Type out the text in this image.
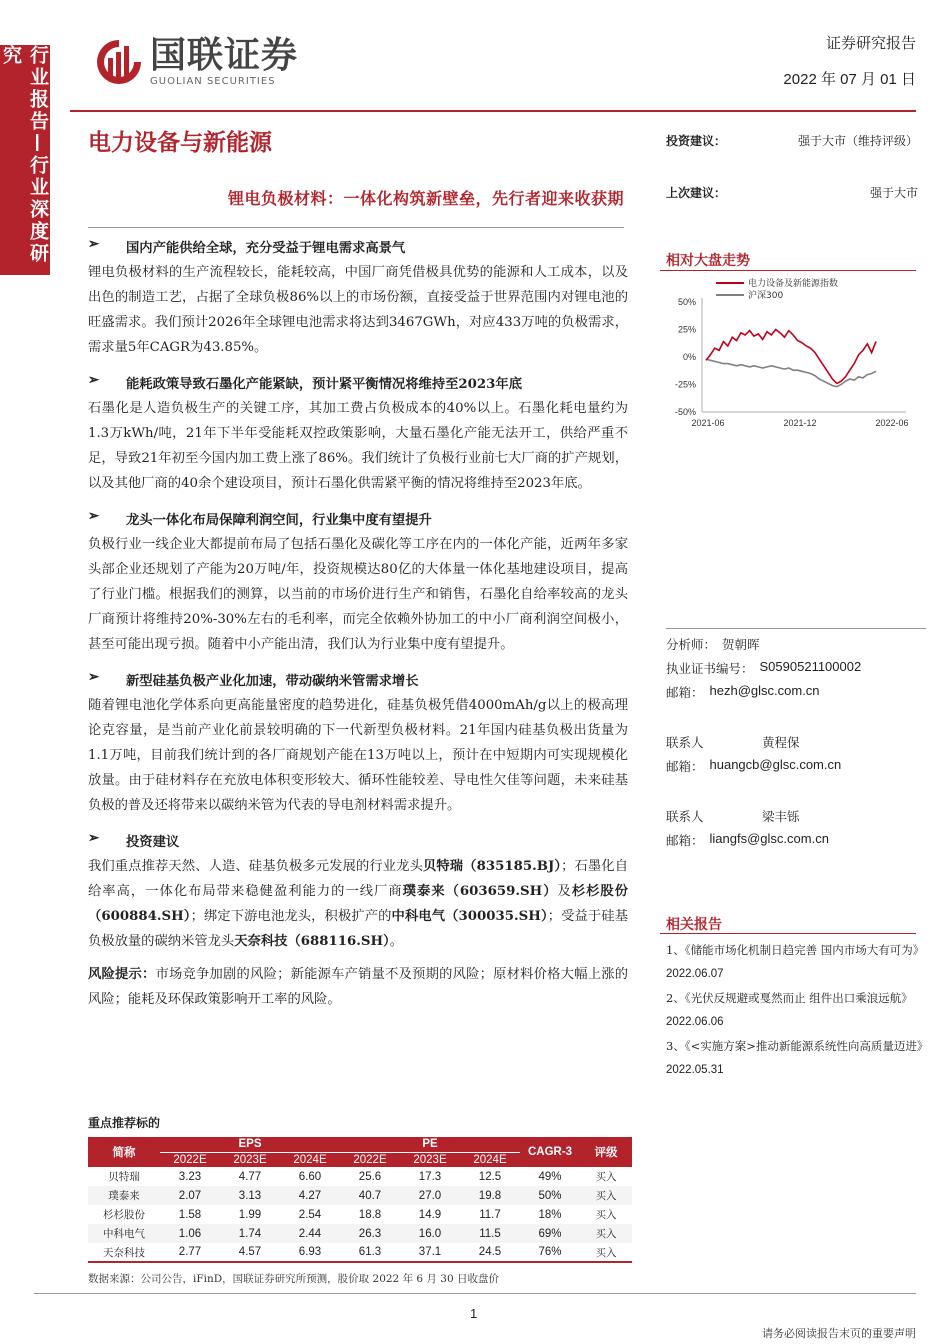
行业报告—行业深度研究	国联证券
GUOLIAN SECURITIES
证券研究报告
2022 年 07 月 01 日
电力设备与新能源
锂电负极材料：一体化构筑新壁垒，先行者迎来收获期
投资建议：	强于大市（维持评级）
上次建议：	强于大市
➢ 国内产能供给全球，充分受益于锂电需求高景气

锂电负极材料的生产流程较长，能耗较高，中国厂商凭借极具优势的能源和人工成本，以及出色的制造工艺，占据了全球负极86%以上的市场份额，直接受益于世界范围内对锂电池的旺盛需求。我们预计2026年全球锂电池需求将达到3467GWh，对应433万吨的负极需求，需求量5年CAGR为43.85%。

➢ 能耗政策导致石墨化产能紧缺，预计紧平衡情况将维持至2023年底

石墨化是人造负极生产的关键工序，其加工费占负极成本的40%以上。石墨化耗电量约为1.3万kWh/吨，21年下半年受能耗双控政策影响，大量石墨化产能无法开工，供给严重不足，导致21年初至今国内加工费上涨了86%。我们统计了负极行业前七大厂商的扩产规划，以及其他厂商的40余个建设项目，预计石墨化供需紧平衡的情况将维持至2023年底。

➢ 龙头一体化布局保障利润空间，行业集中度有望提升

负极行业一线企业大都提前布局了包括石墨化及碳化等工序在内的一体化产能，近两年多家头部企业还规划了产能为20万吨/年，投资规模达80亿的大体量一体化基地建设项目，提高了行业门槛。根据我们的测算，以当前的市场价进行生产和销售，石墨化自给率较高的龙头厂商预计将维持20%-30%左右的毛利率，而完全依赖外协加工的中小厂商利润空间极小，甚至可能出现亏损。随着中小产能出清，我们认为行业集中度有望提升。

➢ 新型硅基负极产业化加速，带动碳纳米管需求增长

随着锂电池化学体系向更高能量密度的趋势进化，硅基负极凭借4000mAh/g以上的极高理论克容量，是当前产业化前景较明确的下一代新型负极材料。21年国内硅基负极出货量为1.1万吨，目前我们统计到的各厂商规划产能在13万吨以上，预计在中短期内可实现规模化放量。由于硅材料存在充放电体积变形较大、循环性能较差、导电性欠佳等问题，未来硅基负极的普及还将带来以碳纳米管为代表的导电剂材料需求提升。

➢ 投资建议

我们重点推荐天然、人造、硅基负极多元发展的行业龙头贝特瑞（835185.BJ）；石墨化自给率高，一体化布局带来稳健盈利能力的一线厂商璞泰来（603659.SH）及杉杉股份（600884.SH）；绑定下游电池龙头，积极扩产的中科电气（300035.SH）；受益于硅基负极放量的碳纳米管龙头天奈科技（688116.SH）。

风险提示：市场竞争加剧的风险；新能源车产销量不及预期的风险；原材料价格大幅上涨的风险；能耗及环保政策影响开工率的风险。

相对大盘走势
50%
25%
0%
-25%
-50%
2021-06	2021-12	2022-06
电力设备及新能源指数
沪深300
分析师： 贺朝晖
执业证书编号： S0590521100002
邮箱： hezh@glsc.com.cn
联系人	黄程保
邮箱： huangcb@glsc.com.cn
联系人	梁丰铄
邮箱： liangfs@glsc.com.cn
相关报告
1、《储能市场化机制日趋完善 国内市场大有可为》
2022.06.07
2、《光伏反规避或戛然而止 组件出口乘浪远航》
2022.06.06
3、《<实施方案>推动新能源系统性向高质量迈进》
2022.05.31
重点推荐标的
简称	EPS			PE			CAGR-3	评级
	2022E	2023E	2024E	2022E	2023E	2024E		
贝特瑞	3.23	4.77	6.60	25.6	17.3	12.5	49%	买入
璞泰来	2.07	3.13	4.27	40.7	27.0	19.8	50%	买入
杉杉股份	1.58	1.99	2.54	18.8	14.9	11.7	18%	买入
中科电气	1.06	1.74	2.44	26.3	16.0	11.5	69%	买入
天奈科技	2.77	4.57	6.93	61.3	37.1	24.5	76%	买入
数据来源：公司公告，iFinD，国联证券研究所预测，股价取 2022 年 6 月 30 日收盘价
1
请务必阅读报告末页的重要声明
